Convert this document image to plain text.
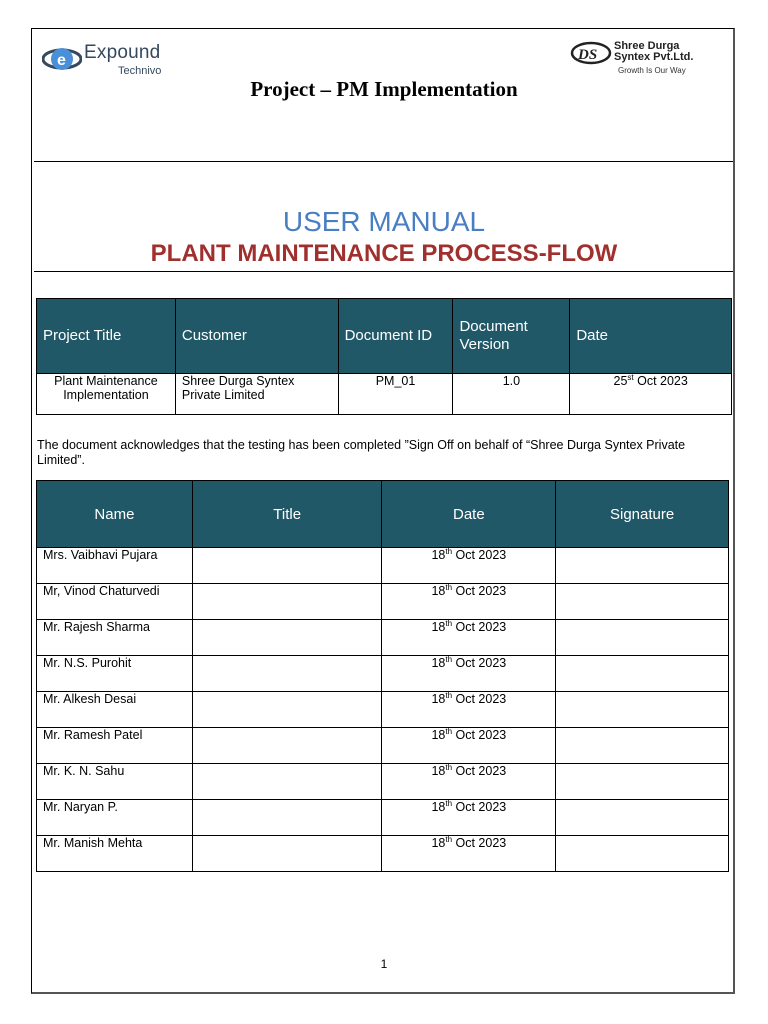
e Expound
Technivo
DS
Shree Durga
Syntex Pvt.Ltd.
Growth Is Our Way
Project – PM Implementation
USER MANUAL
PLANT MAINTENANCE PROCESS-FLOW
Project Title	Customer	Document ID	Document Version	Date
Plant Maintenance Implementation	Shree Durga Syntex Private Limited	PM_01	1.0	25st Oct 2023
The document acknowledges that the testing has been completed ”Sign Off on behalf of “Shree Durga Syntex Private Limited”.
Name	Title	Date	Signature
Mrs. Vaibhavi Pujara		18th Oct 2023	
Mr, Vinod Chaturvedi		18th Oct 2023	
Mr. Rajesh Sharma		18th Oct 2023	
Mr. N.S. Purohit		18th Oct 2023	
Mr. Alkesh Desai		18th Oct 2023	
Mr. Ramesh Patel		18th Oct 2023	
Mr. K. N. Sahu		18th Oct 2023	
Mr. Naryan P.		18th Oct 2023	
Mr. Manish Mehta		18th Oct 2023	
1
